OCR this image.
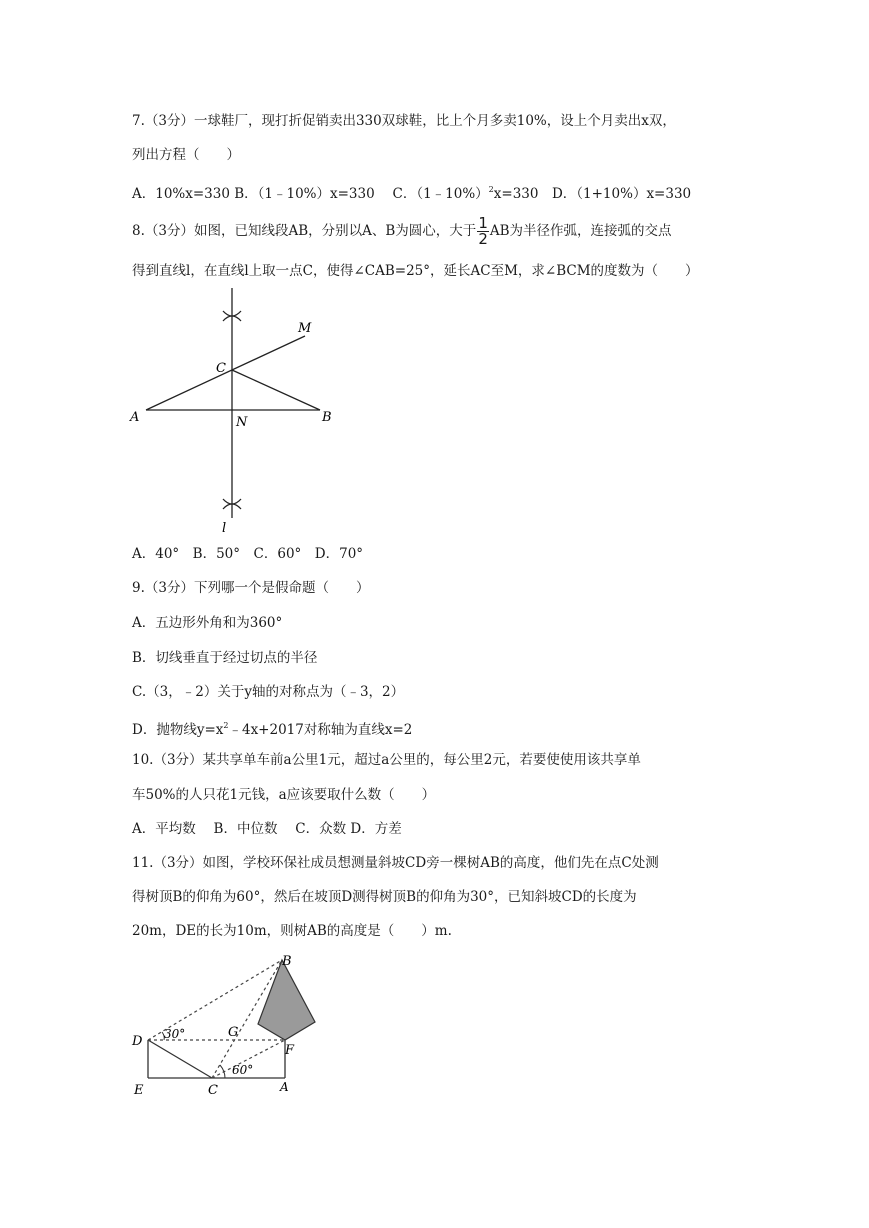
7.（3分）一球鞋厂，现打折促销卖出330双球鞋，比上个月多卖10%，设上个月卖出x双，
列出方程（　　）
A．10%x=330 B．（1﹣10%）x=330　 C．（1﹣10%）$^2$x=330　D．（1+10%）x=330
8.（3分）如图，已知线段AB，分别以A、B为圆心，大于 $\frac{1}{2}$ AB为半径作弧，连接弧的交点
得到直线l，在直线l上取一点C，使得∠CAB=25°，延长AC至M，求∠BCM的度数为（　　）
M
C
A	N	B
l
A．40°　B．50°　C．60°　D．70°
9.（3分）下列哪一个是假命题（　　）
A．五边形外角和为360°
B．切线垂直于经过切点的半径
C.（3，﹣2）关于y轴的对称点为（﹣3，2）
D．抛物线$y=x^2﹣4x+2017$对称轴为直线x=2
10.（3分）某共享单车前a公里1元，超过a公里的，每公里2元，若要使使用该共享单
车50%的人只花1元钱，a应该要取什么数（　　）
A．平均数　 B．中位数　 C．众数 D．方差
11.（3分）如图，学校环保社成员想测量斜坡CD旁一棵树AB的高度，他们先在点C处测
得树顶B的仰角为60°，然后在坡顶D测得树顶B的仰角为30°，已知斜坡CD的长度为
20m，DE的长为10m，则树AB的高度是（　　）m.
B
D 30°	G
F
60°
E	C	A
